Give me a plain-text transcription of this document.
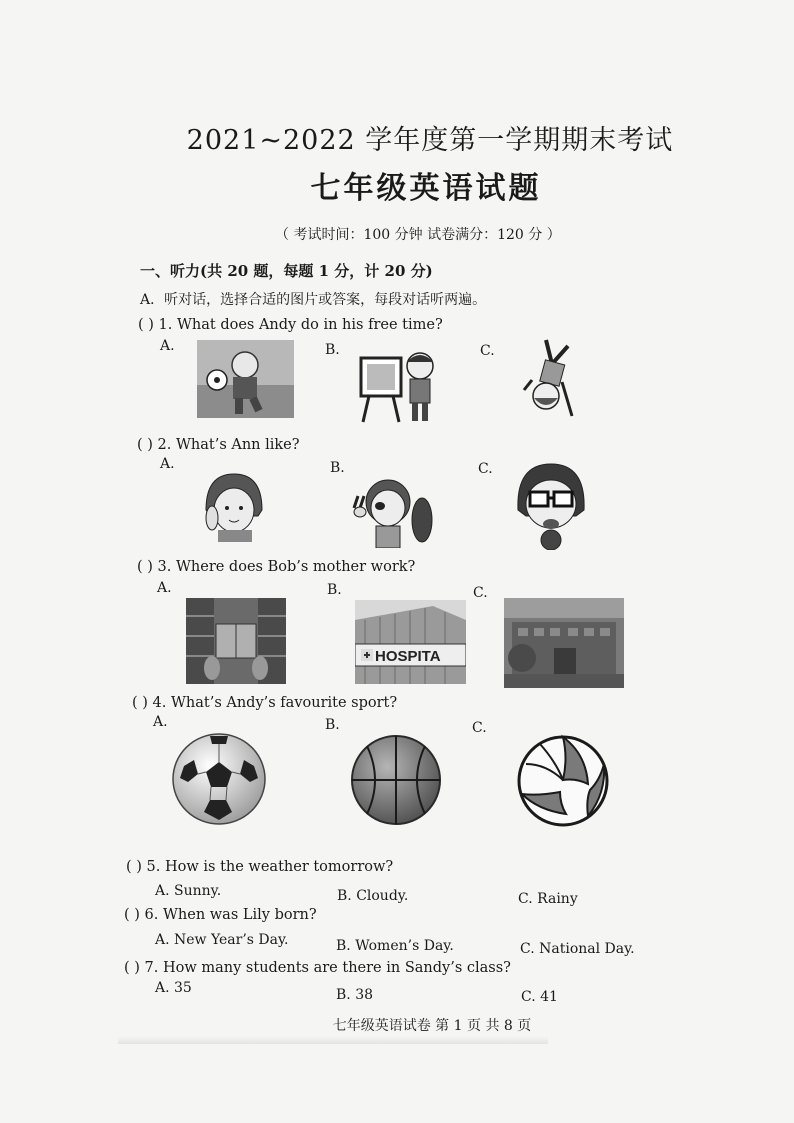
2021~2022 学年度第一学期期末考试
七年级英语试题
（ 考试时间：100 分钟 试卷满分：120 分 ）
一、听力(共 20 题，每题 1 分，计 20 分)
A．听对话，选择合适的图片或答案，每段对话听两遍。
( ) 1. What does Andy do in his free time?
A.	B.	C.
( ) 2. What’s Ann like?
A.	B.	C.
( ) 3. Where does Bob’s mother work?
A.	B.	C.
HOSPITA
( ) 4. What’s Andy’s favourite sport?
A.	B.	C.
( ) 5. How is the weather tomorrow?
A. Sunny.	B. Cloudy.	C. Rainy
( ) 6. When was Lily born?
A. New Year’s Day.	B. Women’s Day.	C. National Day.
( ) 7. How many students are there in Sandy’s class?
A. 35	B. 38	C. 41
七年级英语试卷 第 1 页 共 8 页
